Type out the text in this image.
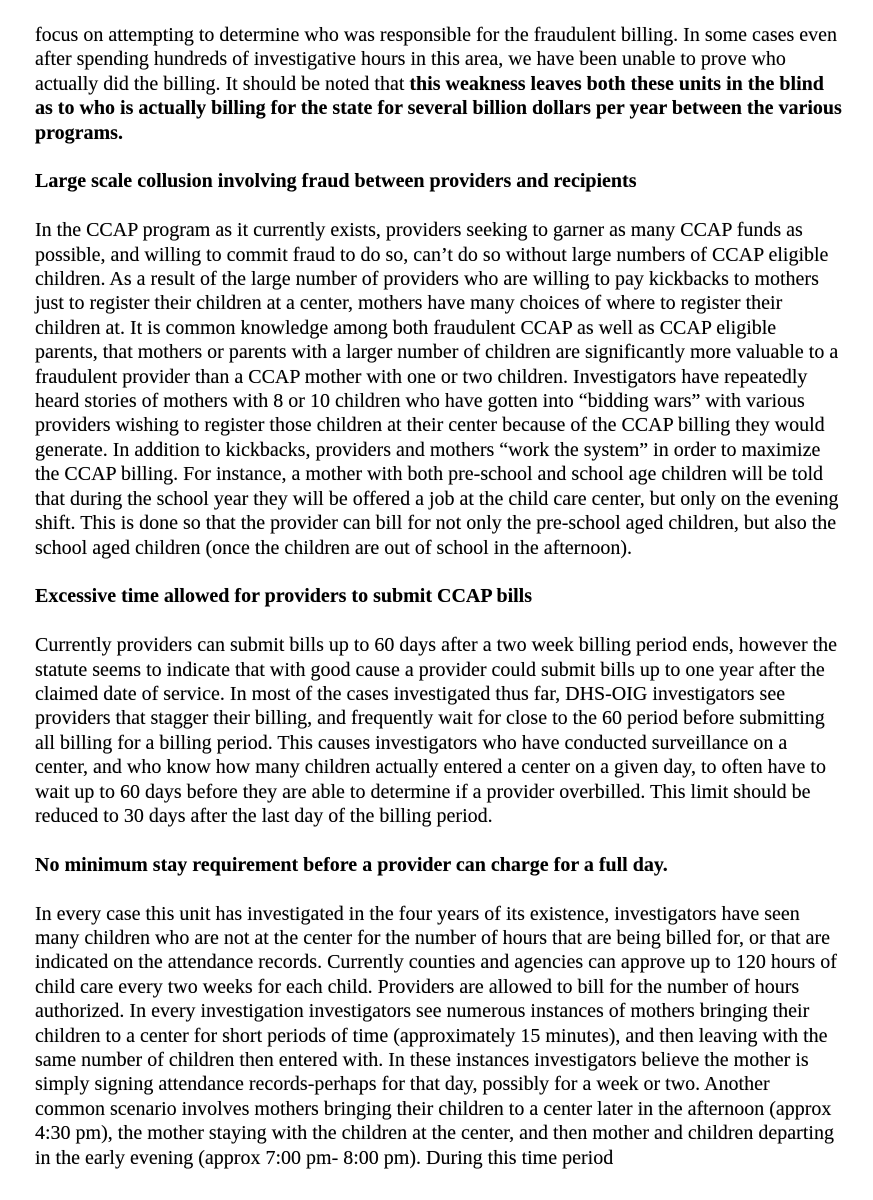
focus on attempting to determine who was responsible for the fraudulent billing. In some cases even after spending hundreds of investigative hours in this area, we have been unable to prove who actually did the billing. It should be noted that this weakness leaves both these units in the blind as to who is actually billing for the state for several billion dollars per year between the various programs.

Large scale collusion involving fraud between providers and recipients

In the CCAP program as it currently exists, providers seeking to garner as many CCAP funds as possible, and willing to commit fraud to do so, can’t do so without large numbers of CCAP eligible children. As a result of the large number of providers who are willing to pay kickbacks to mothers just to register their children at a center, mothers have many choices of where to register their children at. It is common knowledge among both fraudulent CCAP as well as CCAP eligible parents, that mothers or parents with a larger number of children are significantly more valuable to a fraudulent provider than a CCAP mother with one or two children. Investigators have repeatedly heard stories of mothers with 8 or 10 children who have gotten into “bidding wars” with various providers wishing to register those children at their center because of the CCAP billing they would generate. In addition to kickbacks, providers and mothers “work the system” in order to maximize the CCAP billing. For instance, a mother with both pre-school and school age children will be told that during the school year they will be offered a job at the child care center, but only on the evening shift. This is done so that the provider can bill for not only the pre-school aged children, but also the school aged children (once the children are out of school in the afternoon).

Excessive time allowed for providers to submit CCAP bills

Currently providers can submit bills up to 60 days after a two week billing period ends, however the statute seems to indicate that with good cause a provider could submit bills up to one year after the claimed date of service. In most of the cases investigated thus far, DHS-OIG investigators see providers that stagger their billing, and frequently wait for close to the 60 period before submitting all billing for a billing period. This causes investigators who have conducted surveillance on a center, and who know how many children actually entered a center on a given day, to often have to wait up to 60 days before they are able to determine if a provider overbilled. This limit should be reduced to 30 days after the last day of the billing period.

No minimum stay requirement before a provider can charge for a full day.

In every case this unit has investigated in the four years of its existence, investigators have seen many children who are not at the center for the number of hours that are being billed for, or that are indicated on the attendance records. Currently counties and agencies can approve up to 120 hours of child care every two weeks for each child. Providers are allowed to bill for the number of hours authorized. In every investigation investigators see numerous instances of mothers bringing their children to a center for short periods of time (approximately 15 minutes), and then leaving with the same number of children then entered with. In these instances investigators believe the mother is simply signing attendance records-perhaps for that day, possibly for a week or two. Another common scenario involves mothers bringing their children to a center later in the afternoon (approx 4:30 pm), the mother staying with the children at the center, and then mother and children departing in the early evening (approx 7:00 pm- 8:00 pm). During this time period
